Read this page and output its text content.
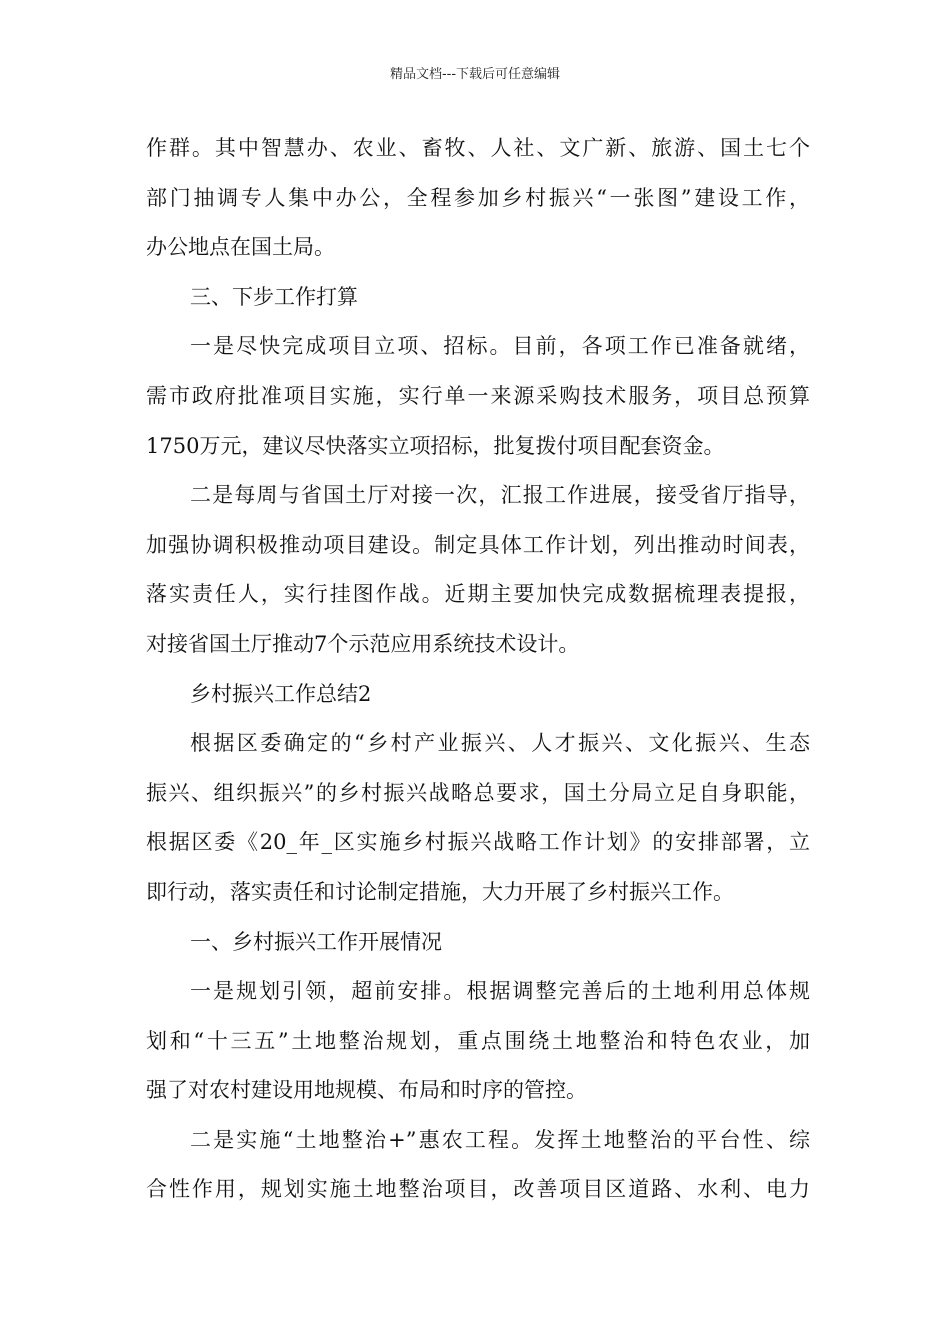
精品文档---下载后可任意编辑
作群。其中智慧办、农业、畜牧、人社、文广新、旅游、国土七个
部门抽调专人集中办公，全程参加乡村振兴“一张图”建设工作，
办公地点在国土局。
三、下步工作打算
一是尽快完成项目立项、招标。目前，各项工作已准备就绪，
需市政府批准项目实施，实行单一来源采购技术服务，项目总预算
1750万元，建议尽快落实立项招标，批复拨付项目配套资金。
二是每周与省国土厅对接一次，汇报工作进展，接受省厅指导，
加强协调积极推动项目建设。制定具体工作计划，列出推动时间表，
落实责任人，实行挂图作战。近期主要加快完成数据梳理表提报，
对接省国土厅推动7个示范应用系统技术设计。
乡村振兴工作总结2
根据区委确定的“乡村产业振兴、人才振兴、文化振兴、生态
振兴、组织振兴”的乡村振兴战略总要求，国土分局立足自身职能，
根据区委《20_年_区实施乡村振兴战略工作计划》的安排部署，立
即行动，落实责任和讨论制定措施，大力开展了乡村振兴工作。
一、乡村振兴工作开展情况
一是规划引领，超前安排。根据调整完善后的土地利用总体规
划和“十三五”土地整治规划，重点围绕土地整治和特色农业，加
强了对农村建设用地规模、布局和时序的管控。
二是实施“土地整治+”惠农工程。发挥土地整治的平台性、综
合性作用，规划实施土地整治项目，改善项目区道路、水利、电力
